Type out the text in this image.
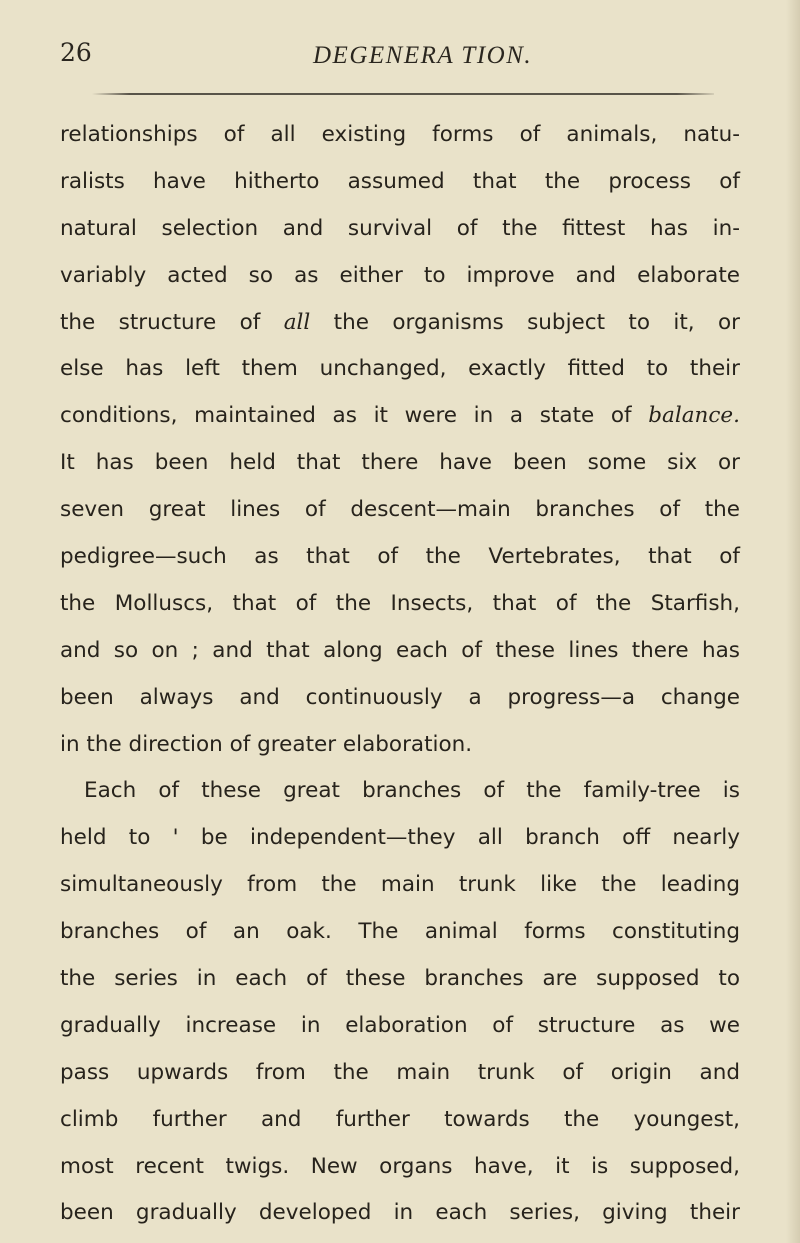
26	DEGENERA TION.
relationships of all existing forms of animals, natu-
ralists have hitherto assumed that the process of
natural selection and survival of the fittest has in-
variably acted so as either to improve and elaborate
the structure of all the organisms subject to it, or
else has left them unchanged, exactly fitted to their
conditions, maintained as it were in a state of balance.
It has been held that there have been some six or
seven great lines of descent—main branches of the
pedigree—such as that of the Vertebrates, that of
the Molluscs, that of the Insects, that of the Starfish,
and so on ; and that along each of these lines there has
been always and continuously a progress—a change
in the direction of greater elaboration.
Each of these great branches of the family-tree is
held to ' be independent—they all branch off nearly
simultaneously from the main trunk like the leading
branches of an oak. The animal forms constituting
the series in each of these branches are supposed to
gradually increase in elaboration of structure as we
pass upwards from the main trunk of origin and
climb further and further towards the youngest,
most recent twigs. New organs have, it is supposed,
been gradually developed in each series, giving their
